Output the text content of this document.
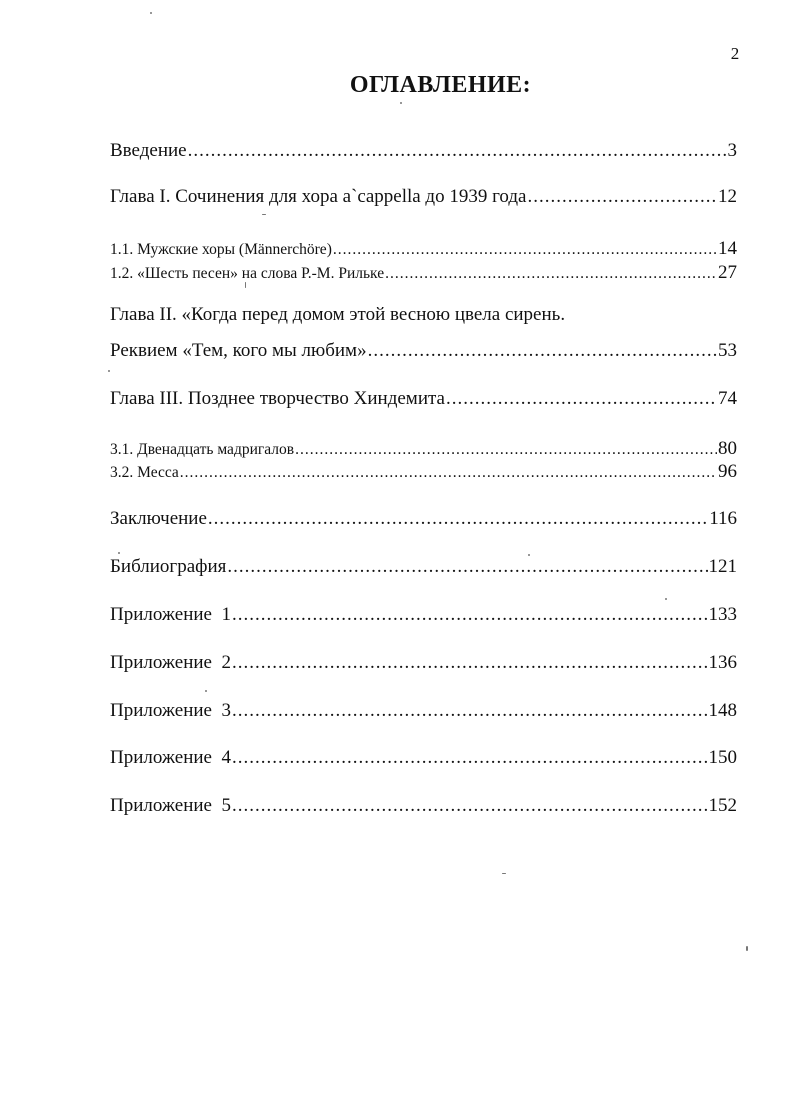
2
ОГЛАВЛЕНИЕ:
Введение .....	3
Глава I. Сочинения для хора a`cappella до 1939 года .....	12
1.1. Мужские хоры (Männerchöre) .....	14
1.2. «Шесть песен» на слова Р.-М. Рильке .....	27
Глава II. «Когда перед домом этой весною цвела сирень.
Реквием «Тем, кого мы любим» .....	53
Глава III. Позднее творчество Хиндемита .....	74
3.1. Двенадцать мадригалов .....	80
3.2. Месса .....	96
Заключение .....	116
Библиография .....	121
Приложение  1 .....	133
Приложение  2 .....	136
Приложение  3 .....	148
Приложение  4 .....	150
Приложение  5 .....	152
